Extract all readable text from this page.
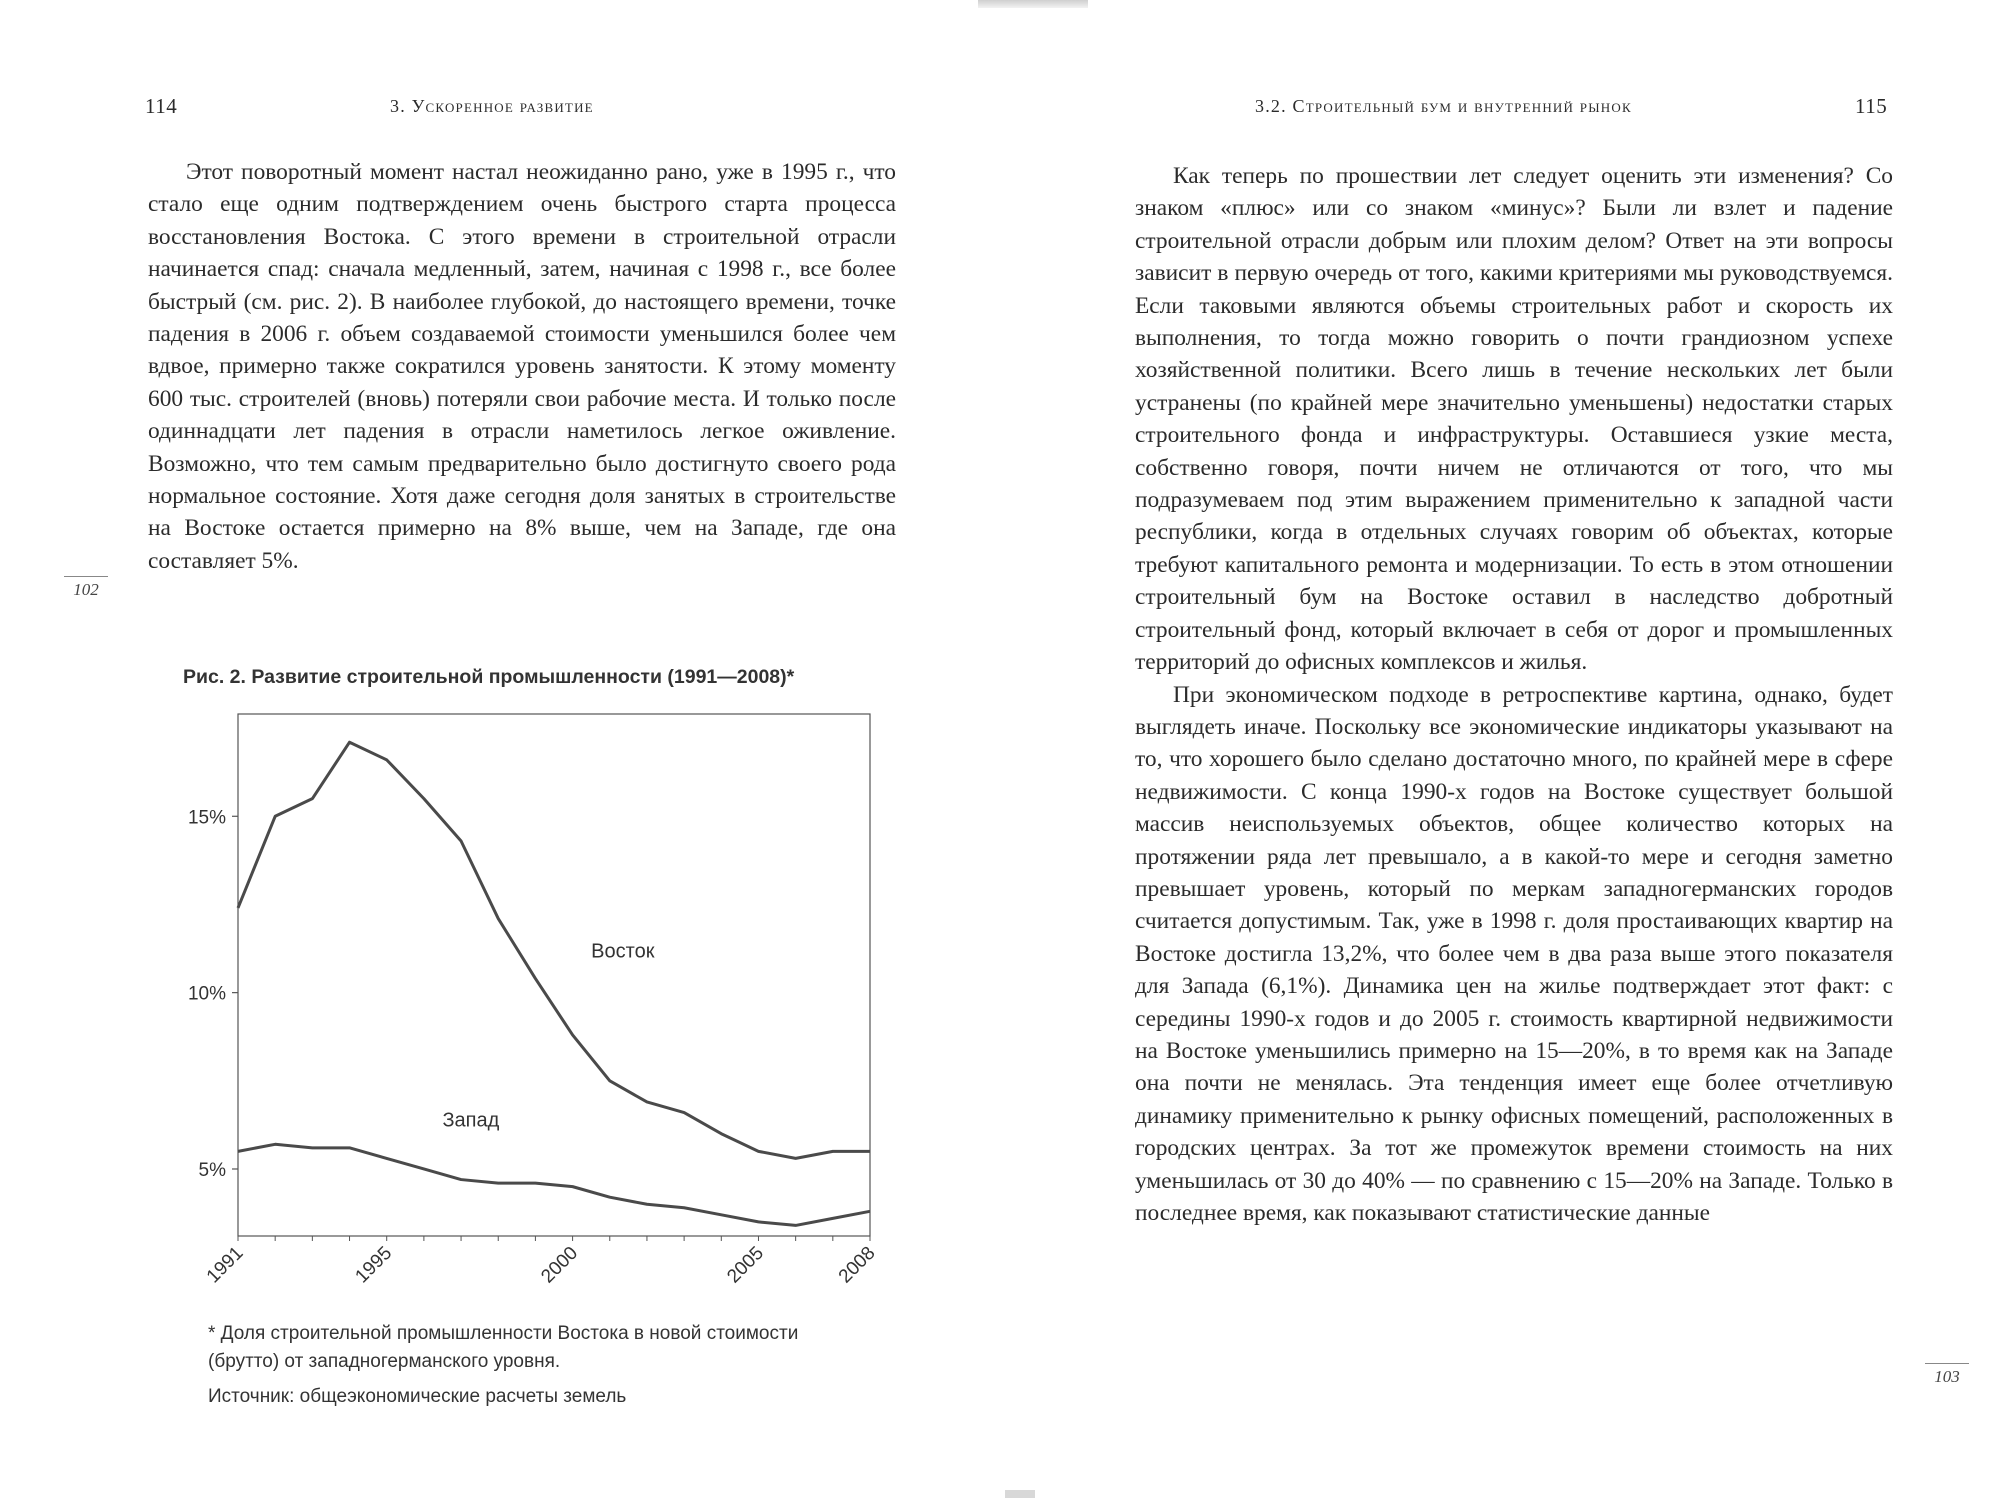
114	3. Ускоренное развитие

Этот поворотный момент настал неожиданно рано, уже в 1995 г., что стало еще одним подтверждением очень быстрого старта процесса восстановления Востока. С этого времени в строительной отрасли начинается спад: сначала медленный, затем, начиная с 1998 г., все более быстрый (см. рис. 2). В наиболее глубокой, до настоящего времени, точке падения в 2006 г. объем создаваемой стоимости уменьшился более чем вдвое, примерно также сократился уровень занятости. К этому моменту 600 тыс. строителей (вновь) потеряли свои рабочие места. И только после одиннадцати лет падения в отрасли наметилось легкое оживление. Возможно, что тем самым предварительно было достигнуто своего рода нормальное состояние. Хотя даже сегодня доля занятых в строительстве на Востоке остается примерно на 8% выше, чем на Западе, где она составляет 5%.

102
Рис. 2. Развитие строительной промышленности (1991—2008)*
5%
10%
15%
1991	1995	2000	2005	2008
Восток
Запад
* Доля строительной промышленности Востока в новой стоимости (брутто) от западногерманского уровня.
Источник: общеэкономические расчеты земель
3.2. Строительный бум и внутренний рынок	115

Как теперь по прошествии лет следует оценить эти изменения? Со знаком «плюс» или со знаком «минус»? Были ли взлет и падение строительной отрасли добрым или плохим делом? Ответ на эти вопросы зависит в первую очередь от того, какими критериями мы руководствуемся. Если таковыми являются объемы строительных работ и скорость их выполнения, то тогда можно говорить о почти грандиозном успехе хозяйственной политики. Всего лишь в течение нескольких лет были устранены (по крайней мере значительно уменьшены) недостатки старых строительного фонда и инфраструктуры. Оставшиеся узкие места, собственно говоря, почти ничем не отличаются от того, что мы подразумеваем под этим выражением применительно к западной части республики, когда в отдельных случаях говорим об объектах, которые требуют капитального ремонта и модернизации. То есть в этом отношении строительный бум на Востоке оставил в наследство добротный строительный фонд, который включает в себя от дорог и промышленных территорий до офисных комплексов и жилья.

При экономическом подходе в ретроспективе картина, однако, будет выглядеть иначе. Поскольку все экономические индикаторы указывают на то, что хорошего было сделано достаточно много, по крайней мере в сфере недвижимости. С конца 1990-х годов на Востоке существует большой массив неиспользуемых объектов, общее количество которых на протяжении ряда лет превышало, а в какой-то мере и сегодня заметно превышает уровень, который по меркам западногерманских городов считается допустимым. Так, уже в 1998 г. доля простаивающих квартир на Востоке достигла 13,2%, что более чем в два раза выше этого показателя для Запада (6,1%). Динамика цен на жилье подтверждает этот факт: с середины 1990-х годов и до 2005 г. стоимость квартирной недвижимости на Востоке уменьшились примерно на 15—20%, в то время как на Западе она почти не менялась. Эта тенденция имеет еще более отчетливую динамику применительно к рынку офисных помещений, расположенных в городских центрах. За тот же промежуток времени стоимость на них уменьшилась от 30 до 40% — по сравнению с 15—20% на Западе. Только в последнее время, как показывают статистические данные

103
